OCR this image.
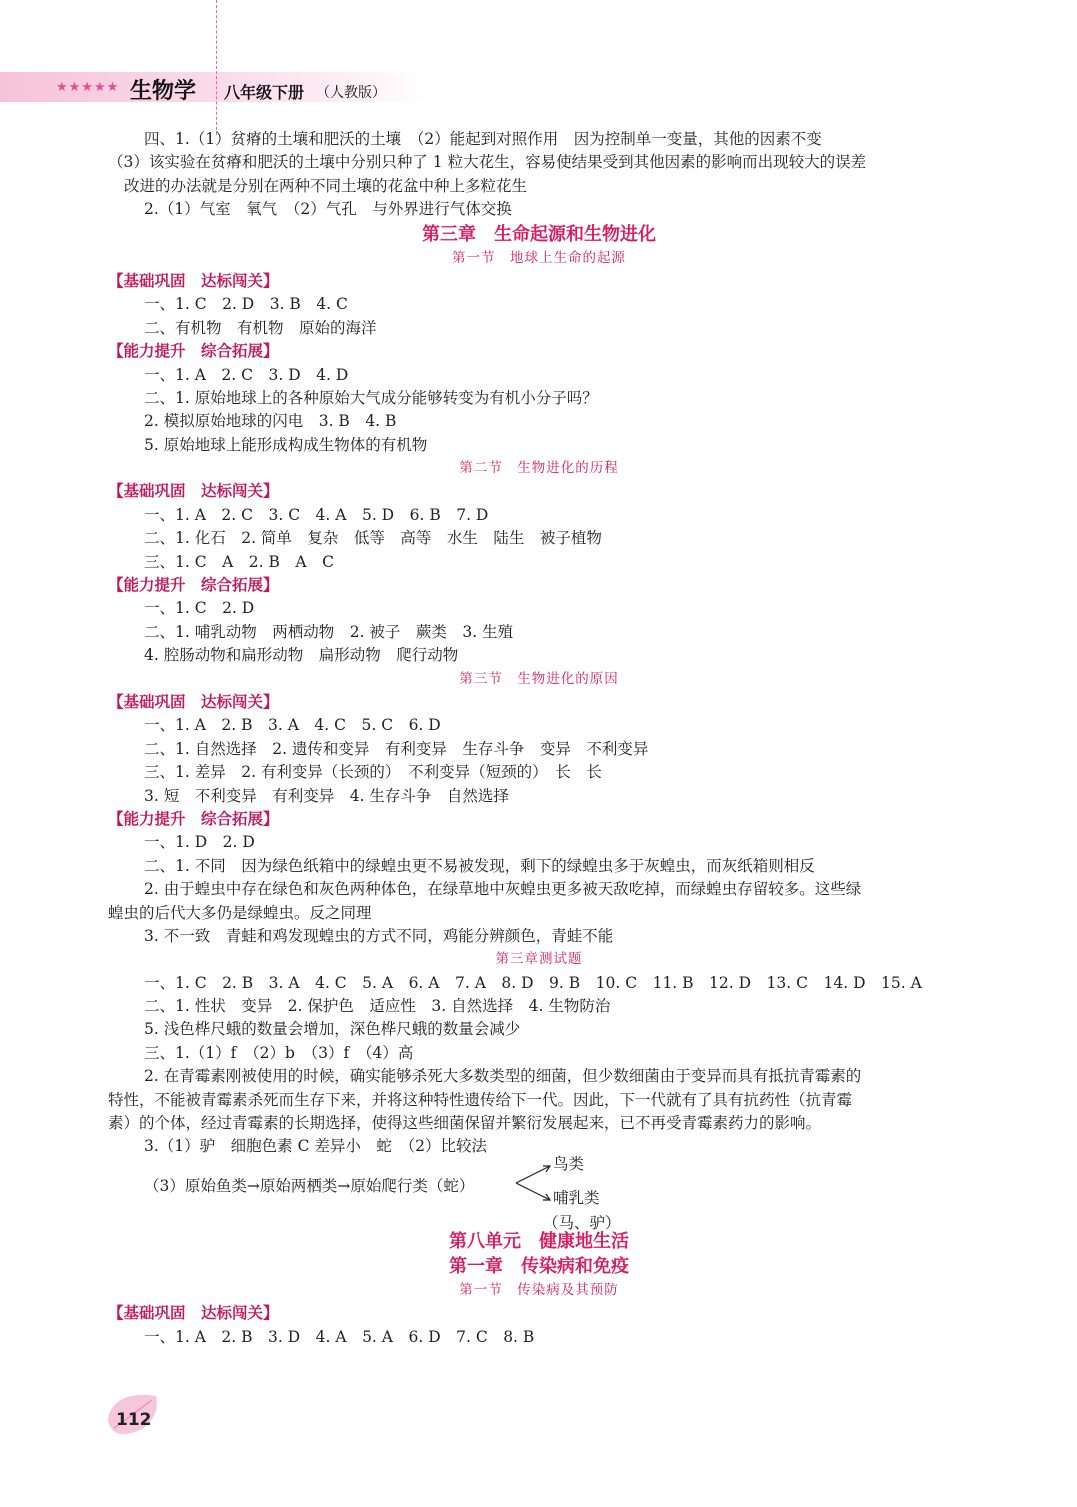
★★★★★ 生物学 八年级下册 （人教版）
四、1.（1）贫瘠的土壤和肥沃的土壤　（2）能起到对照作用　因为控制单一变量，其他的因素不变
（3）该实验在贫瘠和肥沃的土壤中分别只种了 1 粒大花生，容易使结果受到其他因素的影响而出现较大的误差
改进的办法就是分别在两种不同土壤的花盆中种上多粒花生
2.（1）气室　氧气　（2）气孔　与外界进行气体交换
第三章　生命起源和生物进化
第一节　地球上生命的起源
【基础巩固　达标闯关】
一、1. C　2. D　3. B　4. C
二、有机物　有机物　原始的海洋
【能力提升　综合拓展】
一、1. A　2. C　3. D　4. D
二、1. 原始地球上的各种原始大气成分能够转变为有机小分子吗？
2. 模拟原始地球的闪电　3. B　4. B
5. 原始地球上能形成构成生物体的有机物
第二节　生物进化的历程
【基础巩固　达标闯关】
一、1. A　2. C　3. C　4. A　5. D　6. B　7. D
二、1. 化石　2. 简单　复杂　低等　高等　水生　陆生　被子植物
三、1. C　A　2. B　A　C
【能力提升　综合拓展】
一、1. C　2. D
二、1. 哺乳动物　两栖动物　2. 被子　蕨类　3. 生殖
4. 腔肠动物和扁形动物　扁形动物　爬行动物
第三节　生物进化的原因
【基础巩固　达标闯关】
一、1. A　2. B　3. A　4. C　5. C　6. D
二、1. 自然选择　2. 遗传和变异　有利变异　生存斗争　变异　不利变异
三、1. 差异　2. 有利变异（长颈的）　不利变异（短颈的）　长　长
3. 短　不利变异　有利变异　4. 生存斗争　自然选择
【能力提升　综合拓展】
一、1. D　2. D
二、1. 不同　因为绿色纸箱中的绿蝗虫更不易被发现，剩下的绿蝗虫多于灰蝗虫，而灰纸箱则相反
2. 由于蝗虫中存在绿色和灰色两种体色，在绿草地中灰蝗虫更多被天敌吃掉，而绿蝗虫存留较多。这些绿
蝗虫的后代大多仍是绿蝗虫。反之同理
3. 不一致　青蛙和鸡发现蝗虫的方式不同，鸡能分辨颜色，青蛙不能
第三章测试题
一、1. C　2. B　3. A　4. C　5. A　6. A　7. A　8. D　9. B　10. C　11. B　12. D　13. C　14. D　15. A
二、1. 性状　变异　2. 保护色　适应性　3. 自然选择　4. 生物防治
5. 浅色桦尺蛾的数量会增加，深色桦尺蛾的数量会减少
三、1.（1）f　（2）b　（3）f　（4）高
2. 在青霉素刚被使用的时候，确实能够杀死大多数类型的细菌，但少数细菌由于变异而具有抵抗青霉素的
特性，不能被青霉素杀死而生存下来，并将这种特性遗传给下一代。因此，下一代就有了具有抗药性（抗青霉
素）的个体，经过青霉素的长期选择，使得这些细菌保留并繁衍发展起来，已不再受青霉素药力的影响。
3.（1）驴　细胞色素 C 差异小　蛇　（2）比较法
（3）原始鱼类→原始两栖类→原始爬行类（蛇）
鸟类
哺乳类
（马、驴）
第八单元　健康地生活
第一章　传染病和免疫
第一节　传染病及其预防
【基础巩固　达标闯关】
一、1. A　2. B　3. D　4. A　5. A　6. D　7. C　8. B
112
